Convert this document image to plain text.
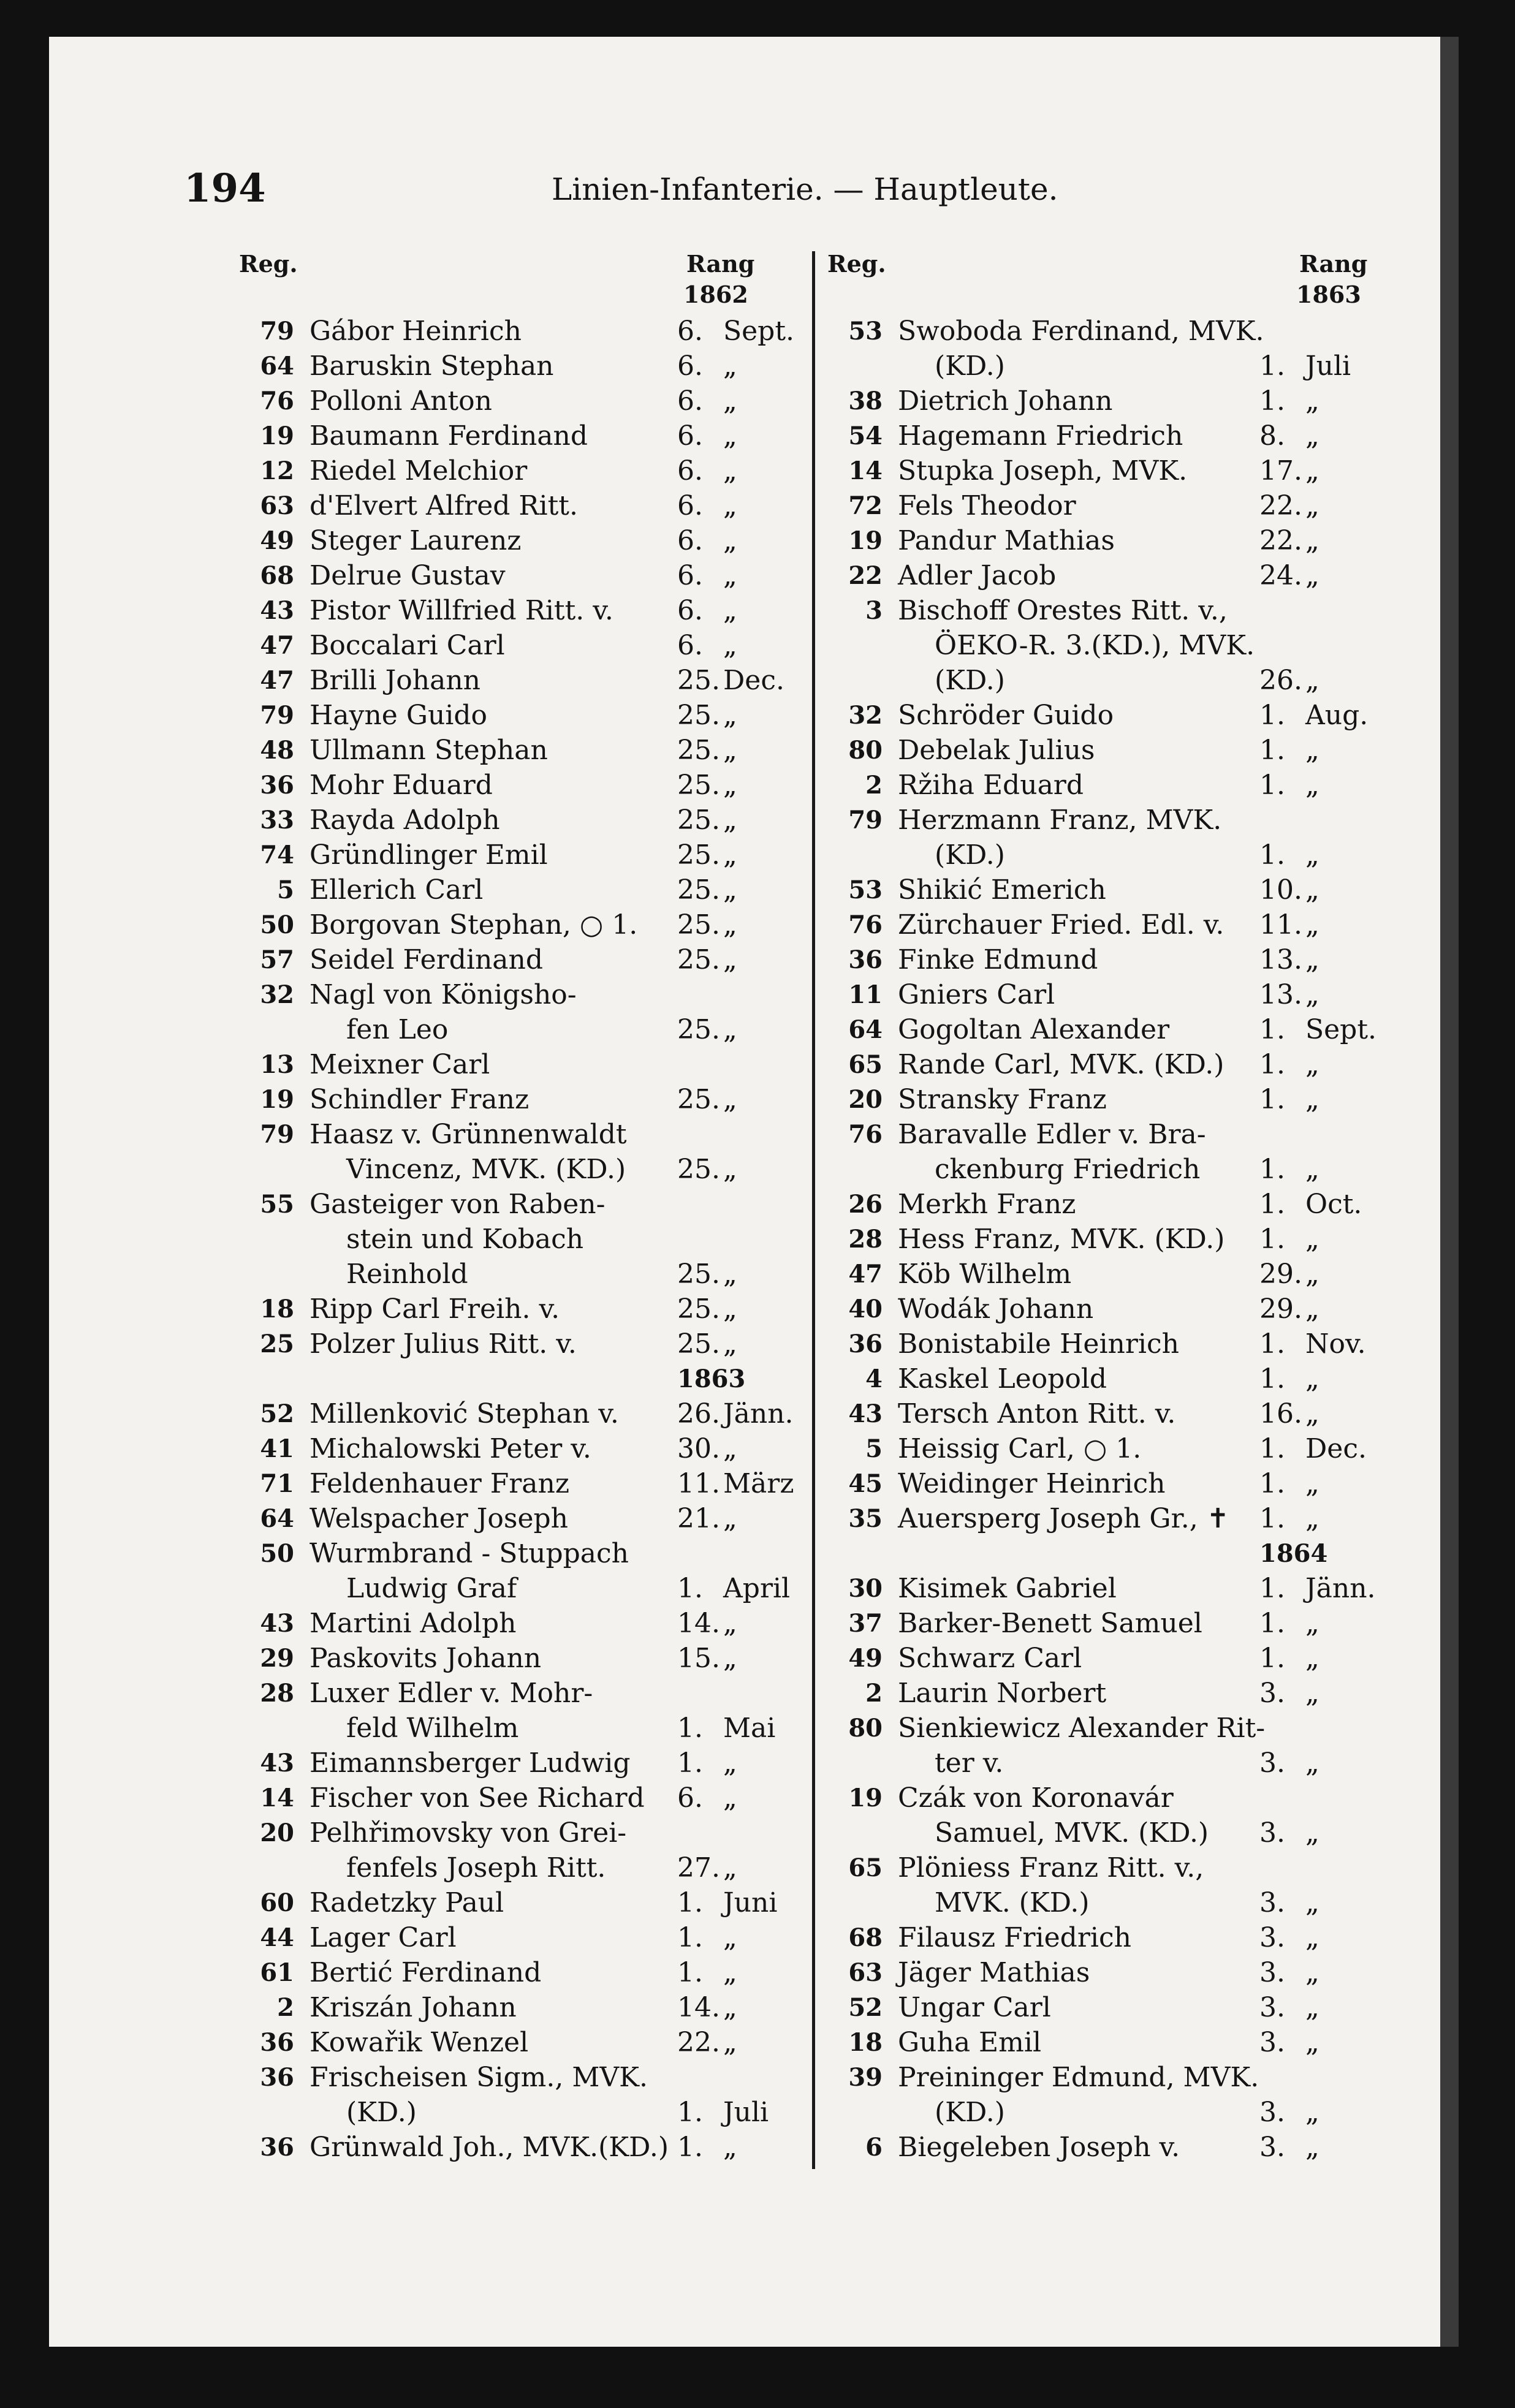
194	Linien-Infanterie. — Hauptleute.
Reg.	Rang
1862
79 Gábor Heinrich	6. Sept.
64 Baruskin Stephan	6. „
76 Polloni Anton	6. „
19 Baumann Ferdinand	6. „
12 Riedel Melchior	6. „
63 d'Elvert Alfred Ritt.	6. „
49 Steger Laurenz	6. „
68 Delrue Gustav	6. „
43 Pistor Willfried Ritt. v. 6. „
47 Boccalari Carl	6. „
47 Brilli Johann	25. Dec.
79 Hayne Guido	25. „
48 Ullmann Stephan	25. „
36 Mohr Eduard	25. „
33 Rayda Adolph	25. „
74 Gründlinger Emil	25. „
5 Ellerich Carl	25. „
50 Borgovan Stephan, ○ 1. 25. „
57 Seidel Ferdinand	25. „
32 Nagl von Königsho-
fen Leo	25. „
13 Meixner Carl
19 Schindler Franz	25. „
79 Haasz v. Grünnenwaldt
Vincenz, MVK. (KD.) 25. „
55 Gasteiger von Raben-
stein und Kobach
Reinhold	25. „
18 Ripp Carl Freih. v.	25. „
25 Polzer Julius Ritt. v.	25. „
1863
52 Millenković Stephan v. 26. Jänn.
41 Michalowski Peter v.	30. „
71 Feldenhauer Franz	11. März
64 Welspacher Joseph	21. „
50 Wurmbrand - Stuppach
Ludwig Graf	1. April
43 Martini Adolph	14. „
29 Paskovits Johann	15. „
28 Luxer Edler v. Mohr-
feld Wilhelm	1. Mai
43 Eimannsberger Ludwig 1. „
14 Fischer von See Richard 6. „
20 Pelhřimovsky von Grei-
fenfels Joseph Ritt.	27. „
60 Radetzky Paul	1. Juni
44 Lager Carl	1. „
61 Bertić Ferdinand	1. „
2 Kriszán Johann	14. „
36 Kowařik Wenzel	22. „
36 Frischeisen Sigm., MVK.
(KD.)	1. Juli
36 Grünwald Joh., MVK.(KD.) 1. „
Reg.	Rang
1863
53 Swoboda Ferdinand, MVK.
(KD.)	1. Juli
38 Dietrich Johann	1. „
54 Hagemann Friedrich	8. „
14 Stupka Joseph, MVK.	17. „
72 Fels Theodor	22. „
19 Pandur Mathias	22. „
22 Adler Jacob	24. „
3 Bischoff Orestes Ritt. v.,
ÖEKO-R. 3.(KD.), MVK.
(KD.)	26. „
32 Schröder Guido	1. Aug.
80 Debelak Julius	1. „
2 Ržiha Eduard	1. „
79 Herzmann Franz, MVK.
(KD.)	1. „
53 Shikić Emerich	10. „
76 Zürchauer Fried. Edl. v. 11. „
36 Finke Edmund	13. „
11 Gniers Carl	13. „
64 Gogoltan Alexander	1. Sept.
65 Rande Carl, MVK. (KD.) 1. „
20 Stransky Franz	1. „
76 Baravalle Edler v. Bra-
ckenburg Friedrich 1. „
26 Merkh Franz	1. Oct.
28 Hess Franz, MVK. (KD.) 1. „
47 Köb Wilhelm	29. „
40 Wodák Johann	29. „
36 Bonistabile Heinrich	1. Nov.
4 Kaskel Leopold	1. „
43 Tersch Anton Ritt. v.	16. „
5 Heissig Carl, ○ 1.	1. Dec.
45 Weidinger Heinrich	1. „
35 Auersperg Joseph Gr., ✝ 1. „
1864
30 Kisimek Gabriel	1. Jänn.
37 Barker-Benett Samuel 1. „
49 Schwarz Carl	1. „
2 Laurin Norbert	3. „
80 Sienkiewicz Alexander Rit-
ter v.	3. „
19 Czák von Koronavár
Samuel, MVK. (KD.) 3. „
65 Plöniess Franz Ritt. v.,
MVK. (KD.)	3. „
68 Filausz Friedrich	3. „
63 Jäger Mathias	3. „
52 Ungar Carl	3. „
18 Guha Emil	3. „
39 Preininger Edmund, MVK.
(KD.)	3. „
6 Biegeleben Joseph v.	3. „
